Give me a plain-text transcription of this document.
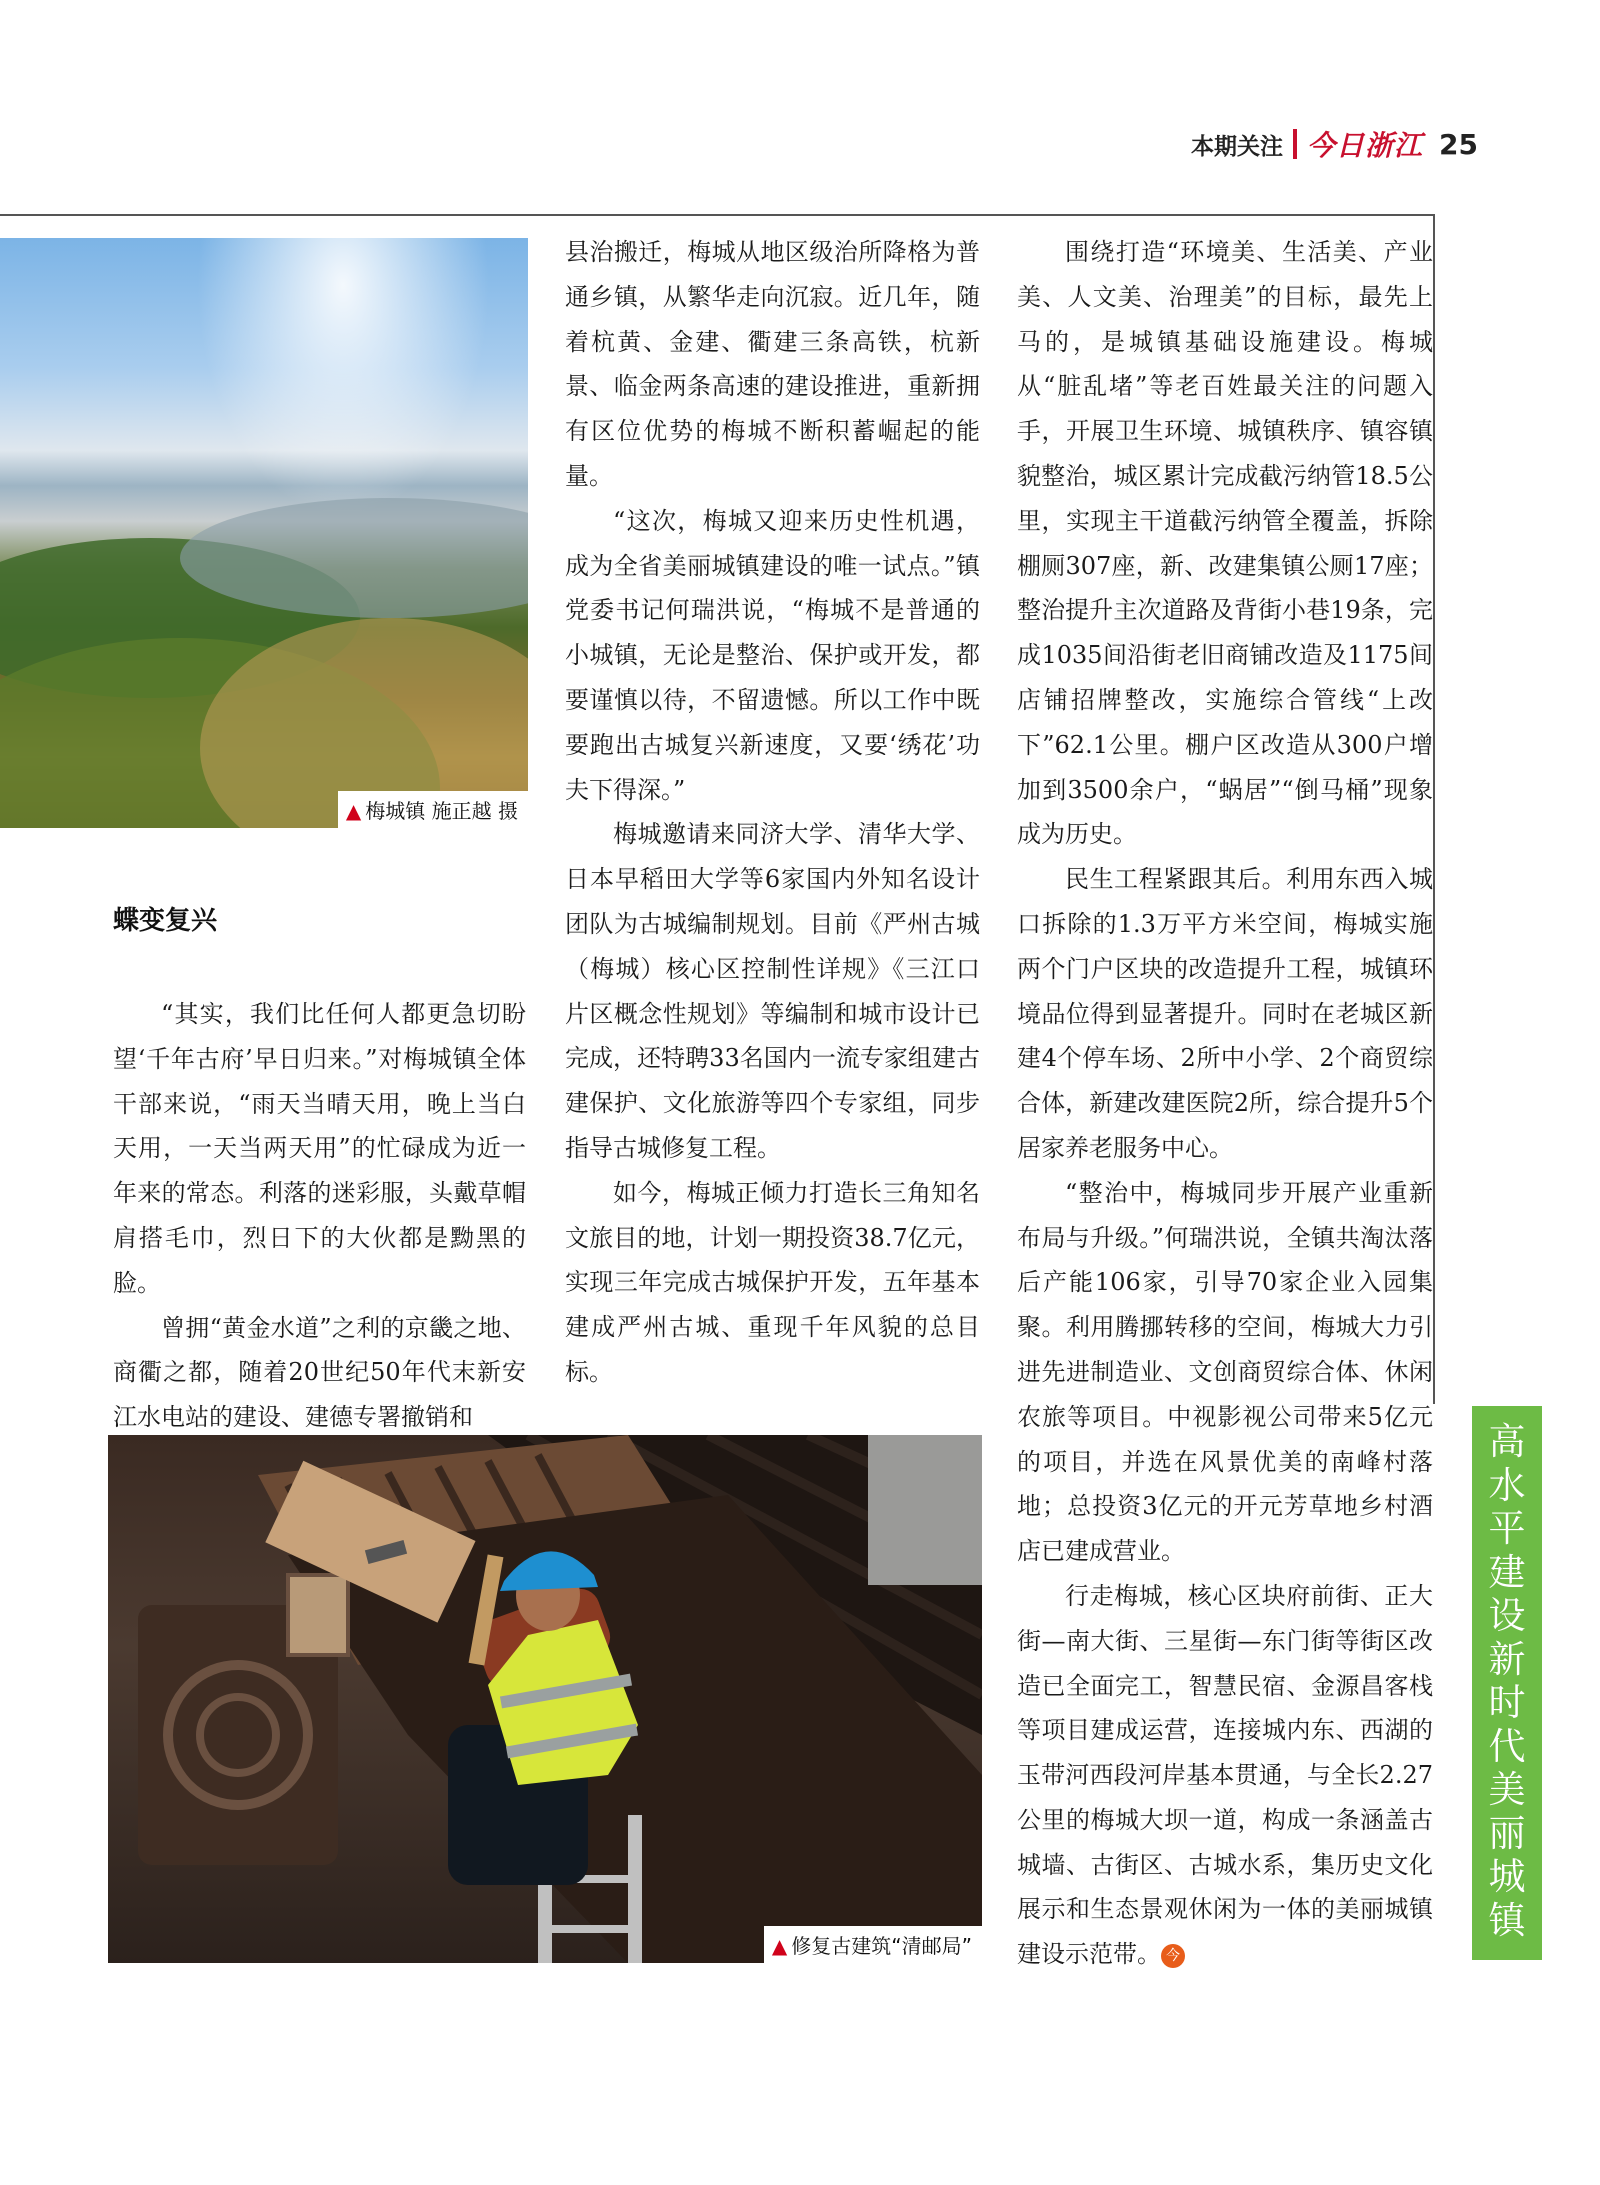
本期关注 今日浙江 25
▲ 梅城镇 施正越 摄
蝶变复兴

“其实，我们比任何人都更急切盼望‘千年古府’早日归来。”对梅城镇全体干部来说，“雨天当晴天用，晚上当白天用，一天当两天用”的忙碌成为近一年来的常态。利落的迷彩服，头戴草帽肩搭毛巾，烈日下的大伙都是黝黑的脸。

曾拥“黄金水道”之利的京畿之地、商衢之都，随着20世纪50年代末新安江水电站的建设、建德专署撤销和

县治搬迁，梅城从地区级治所降格为普通乡镇，从繁华走向沉寂。近几年，随着杭黄、金建、衢建三条高铁，杭新景、临金两条高速的建设推进，重新拥有区位优势的梅城不断积蓄崛起的能量。

“这次，梅城又迎来历史性机遇，成为全省美丽城镇建设的唯一试点。”镇党委书记何瑞洪说，“梅城不是普通的小城镇，无论是整治、保护或开发，都要谨慎以待，不留遗憾。所以工作中既要跑出古城复兴新速度，又要‘绣花’功夫下得深。”

梅城邀请来同济大学、清华大学、日本早稻田大学等6家国内外知名设计团队为古城编制规划。目前《严州古城（梅城）核心区控制性详规》《三江口片区概念性规划》等编制和城市设计已完成，还特聘33名国内一流专家组建古建保护、文化旅游等四个专家组，同步指导古城修复工程。

如今，梅城正倾力打造长三角知名文旅目的地，计划一期投资38.7亿元，实现三年完成古城保护开发，五年基本建成严州古城、重现千年风貌的总目标。

围绕打造“环境美、生活美、产业美、人文美、治理美”的目标，最先上马的，是城镇基础设施建设。梅城从“脏乱堵”等老百姓最关注的问题入手，开展卫生环境、城镇秩序、镇容镇貌整治，城区累计完成截污纳管18.5公里，实现主干道截污纳管全覆盖，拆除棚厕307座，新、改建集镇公厕17座；整治提升主次道路及背街小巷19条，完成1035间沿街老旧商铺改造及1175间店铺招牌整改，实施综合管线“上改下”62.1公里。棚户区改造从300户增加到3500余户，“蜗居”“倒马桶”现象成为历史。

民生工程紧跟其后。利用东西入城口拆除的1.3万平方米空间，梅城实施两个门户区块的改造提升工程，城镇环境品位得到显著提升。同时在老城区新建4个停车场、2所中小学、2个商贸综合体，新建改建医院2所，综合提升5个居家养老服务中心。

“整治中，梅城同步开展产业重新布局与升级。”何瑞洪说，全镇共淘汰落后产能106家，引导70家企业入园集聚。利用腾挪转移的空间，梅城大力引进先进制造业、文创商贸综合体、休闲农旅等项目。中视影视公司带来5亿元的项目，并选在风景优美的南峰村落地；总投资3亿元的开元芳草地乡村酒店已建成营业。

行走梅城，核心区块府前街、正大街—南大街、三星街—东门街等街区改造已全面完工，智慧民宿、金源昌客栈等项目建成运营，连接城内东、西湖的玉带河西段河岸基本贯通，与全长2.27公里的梅城大坝一道，构成一条涵盖古城墙、古街区、古城水系，集历史文化展示和生态景观休闲为一体的美丽城镇建设示范带。 今

▲ 修复古建筑“清邮局”
高
水
平
建
设
新
时
代
美
丽
城
镇
